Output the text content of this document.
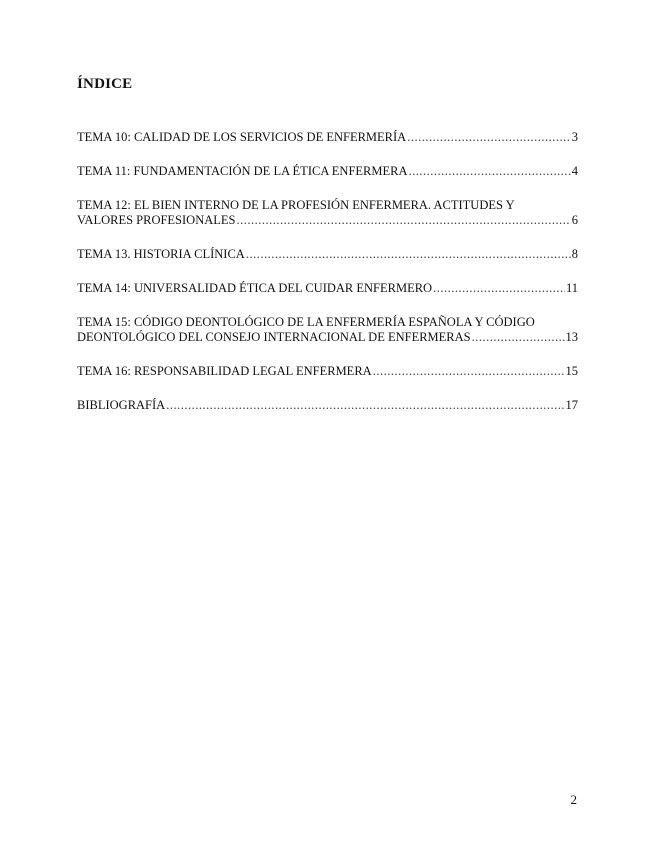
ÍNDICE
TEMA 10: CALIDAD DE LOS SERVICIOS DE ENFERMERÍA .....	3
TEMA 11: FUNDAMENTACIÓN DE LA ÉTICA ENFERMERA .....	4
TEMA 12: EL BIEN INTERNO DE LA PROFESIÓN ENFERMERA. ACTITUDES Y
VALORES PROFESIONALES .....	6
TEMA 13. HISTORIA CLÍNICA .....	8
TEMA 14: UNIVERSALIDAD ÉTICA DEL CUIDAR ENFERMERO .....	11
TEMA 15: CÓDIGO DEONTOLÓGICO DE LA ENFERMERÍA ESPAÑOLA Y CÓDIGO
DEONTOLÓGICO DEL CONSEJO INTERNACIONAL DE ENFERMERAS .....	13
TEMA 16: RESPONSABILIDAD LEGAL ENFERMERA .....	15
BIBLIOGRAFÍA .....	17
2
